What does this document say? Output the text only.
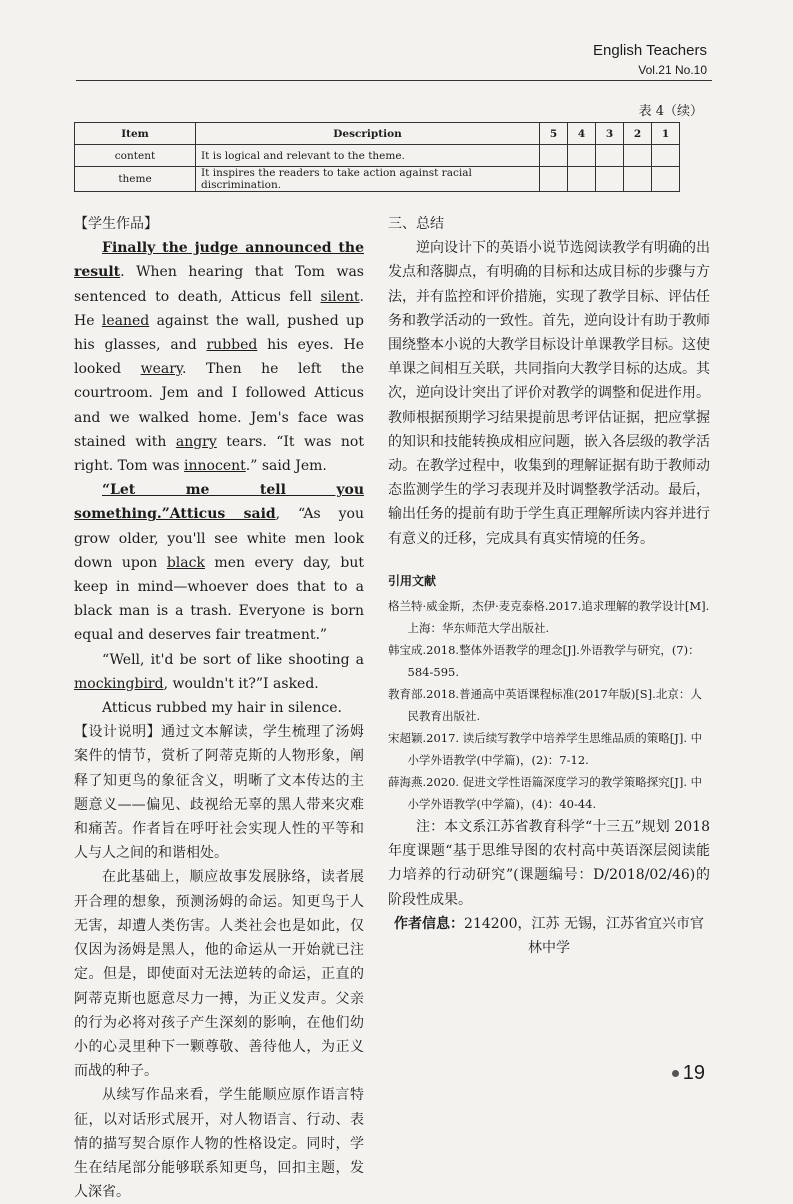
English Teachers
Vol.21 No.10
表 4（续）
Item	Description	5	4	3	2	1
content	It is logical and relevant to the theme.					
theme	It inspires the readers to take action against racial discrimination.					

【学生作品】

Finally the judge announced the result. When hearing that Tom was sentenced to death, Atticus fell silent. He leaned against the wall, pushed up his glasses, and rubbed his eyes. He looked weary. Then he left the courtroom. Jem and I followed Atticus and we walked home. Jem's face was stained with angry tears. “It was not right. Tom was innocent.” said Jem.

“Let me tell you something.”Atticus said, “As you grow older, you'll see white men look down upon black men every day, but keep in mind—whoever does that to a black man is a trash. Everyone is born equal and deserves fair treatment.”

“Well, it'd be sort of like shooting a mockingbird, wouldn't it?”I asked.

Atticus rubbed my hair in silence.

【设计说明】通过文本解读，学生梳理了汤姆案件的情节，赏析了阿蒂克斯的人物形象，阐释了知更鸟的象征含义，明晰了文本传达的主题意义——偏见、歧视给无辜的黑人带来灾难和痛苦。作者旨在呼吁社会实现人性的平等和人与人之间的和谐相处。

在此基础上，顺应故事发展脉络，读者展开合理的想象，预测汤姆的命运。知更鸟于人无害，却遭人类伤害。人类社会也是如此，仅仅因为汤姆是黑人，他的命运从一开始就已注定。但是，即使面对无法逆转的命运，正直的阿蒂克斯也愿意尽力一搏，为正义发声。父亲的行为必将对孩子产生深刻的影响，在他们幼小的心灵里种下一颗尊敬、善待他人，为正义而战的种子。

从续写作品来看，学生能顺应原作语言特征，以对话形式展开，对人物语言、行动、表情的描写契合原作人物的性格设定。同时，学生在结尾部分能够联系知更鸟，回扣主题，发人深省。

三、总结

逆向设计下的英语小说节选阅读教学有明确的出发点和落脚点，有明确的目标和达成目标的步骤与方法，并有监控和评价措施，实现了教学目标、评估任务和教学活动的一致性。首先，逆向设计有助于教师围绕整本小说的大教学目标设计单课教学目标。这使单课之间相互关联，共同指向大教学目标的达成。其次，逆向设计突出了评价对教学的调整和促进作用。教师根据预期学习结果提前思考评估证据，把应掌握的知识和技能转换成相应问题，嵌入各层级的教学活动。在教学过程中，收集到的理解证据有助于教师动态监测学生的学习表现并及时调整教学活动。最后，输出任务的提前有助于学生真正理解所读内容并进行有意义的迁移，完成具有真实情境的任务。

引用文献
格兰特·威金斯，杰伊·麦克泰格.2017.追求理解的教学设计[M].上海：华东师范大学出版社.
韩宝成.2018.整体外语教学的理念[J].外语教学与研究，(7)：584-595.
教育部.2018.普通高中英语课程标准(2017年版)[S].北京：人民教育出版社.
宋超颖.2017. 读后续写教学中培养学生思维品质的策略[J]. 中小学外语教学(中学篇)，(2)：7-12.
薛海燕.2020. 促进文学性语篇深度学习的教学策略探究[J]. 中小学外语教学(中学篇)，(4)：40-44.

注：本文系江苏省教育科学“十三五”规划 2018 年度课题“基于思维导图的农村高中英语深层阅读能力培养的行动研究”(课题编号：D/2018/02/46)的阶段性成果。

作者信息：214200，江苏 无锡，江苏省宜兴市官林中学

19
